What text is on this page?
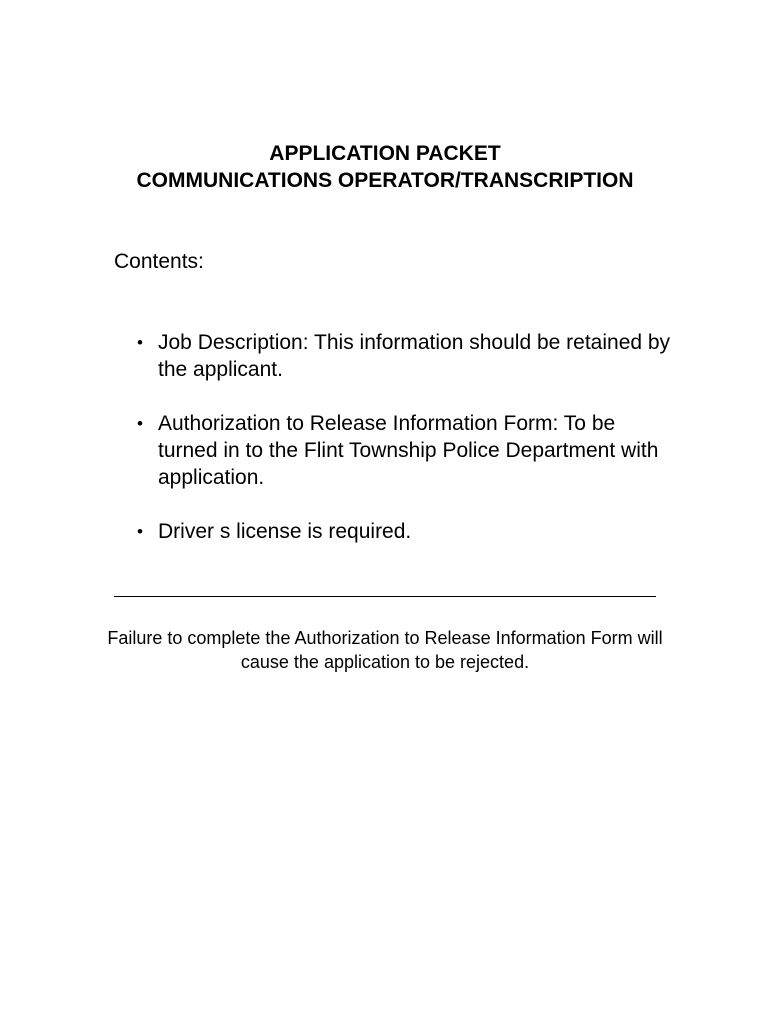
APPLICATION PACKET
COMMUNICATIONS OPERATOR/TRANSCRIPTION
Contents:
• Job Description: This information should be retained by the applicant.
• Authorization to Release Information Form: To be turned in to the Flint Township Police Department with application.
• Driver s license is required.
Failure to complete the Authorization to Release Information Form will cause the application to be rejected.
